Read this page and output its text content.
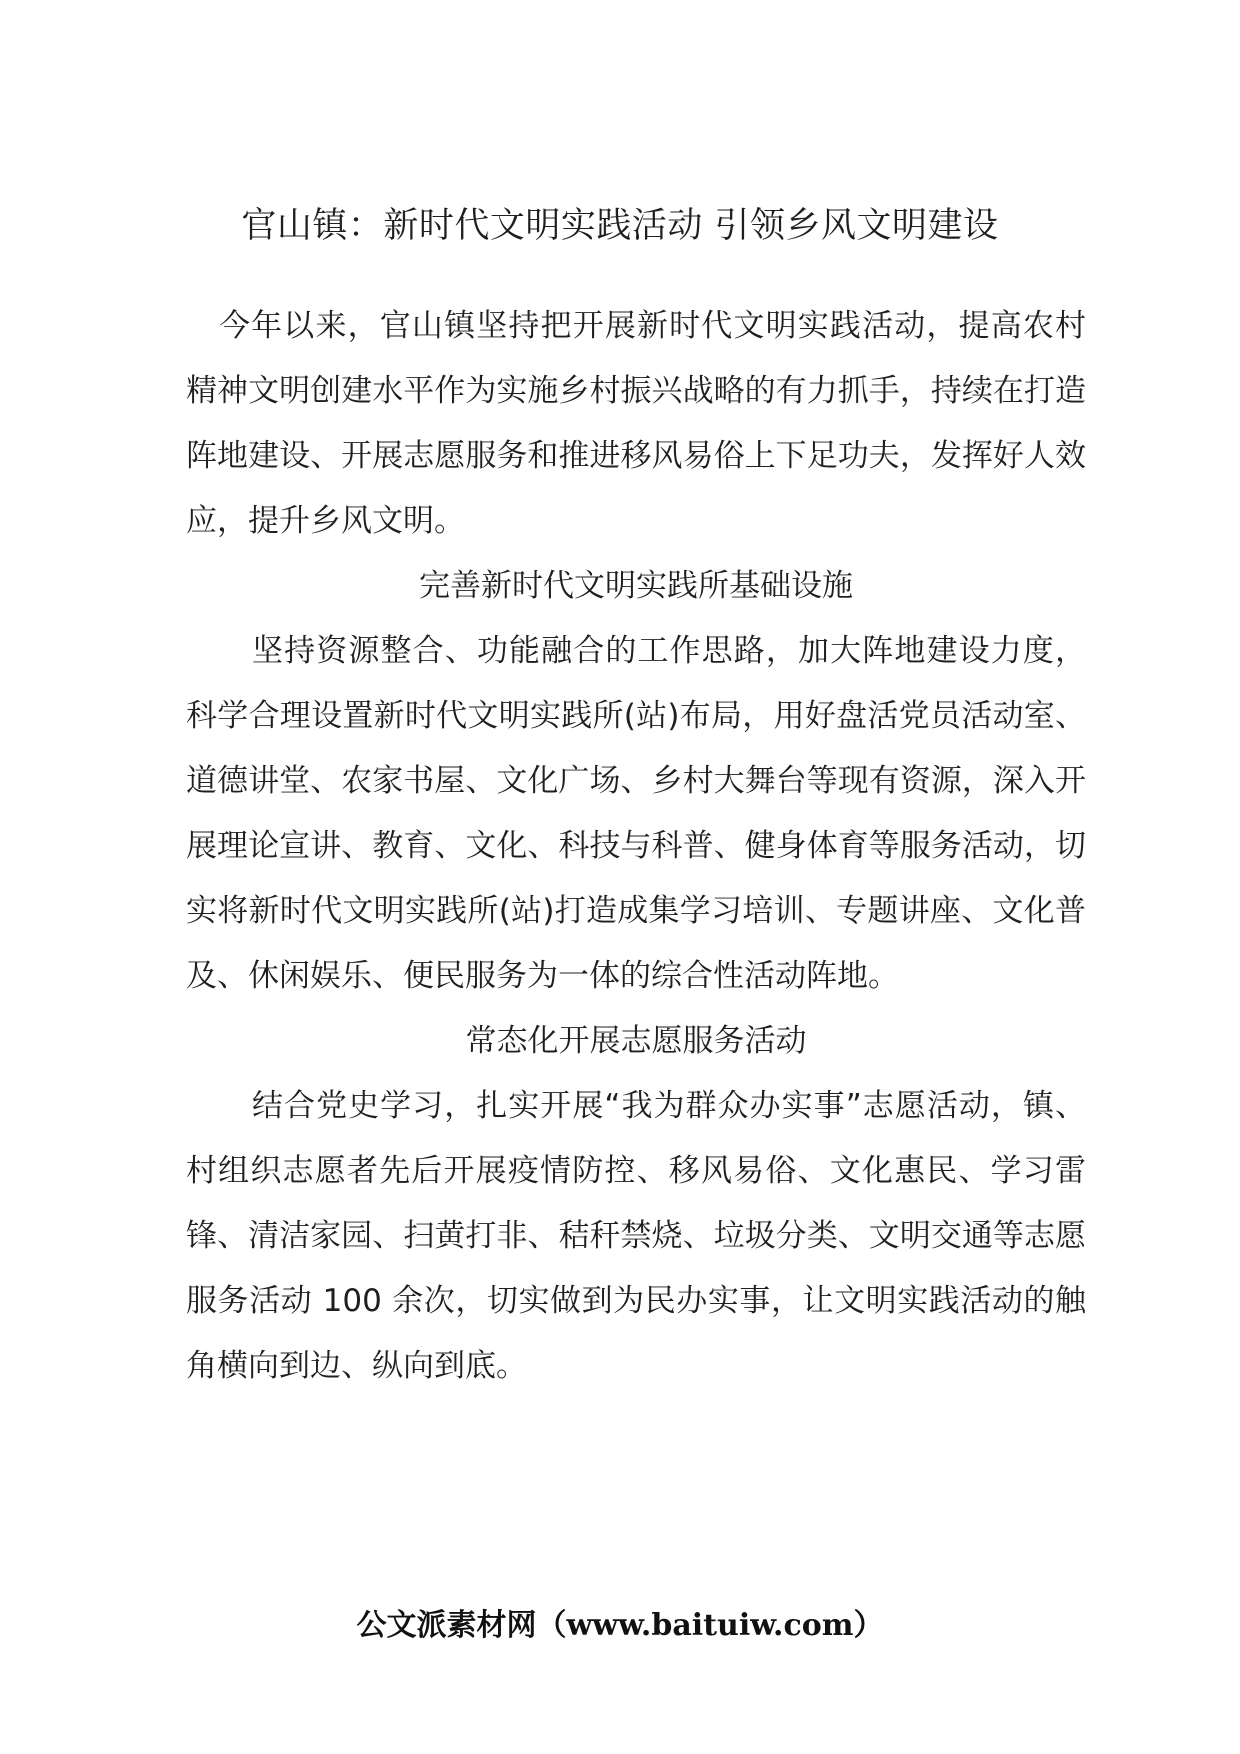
官山镇：新时代文明实践活动 引领乡风文明建设

今年以来，官山镇坚持把开展新时代文明实践活动，提高农村精神文明创建水平作为实施乡村振兴战略的有力抓手，持续在打造阵地建设、开展志愿服务和推进移风易俗上下足功夫，发挥好人效应，提升乡风文明。

完善新时代文明实践所基础设施

坚持资源整合、功能融合的工作思路，加大阵地建设力度，科学合理设置新时代文明实践所(站)布局，用好盘活党员活动室、道德讲堂、农家书屋、文化广场、乡村大舞台等现有资源，深入开展理论宣讲、教育、文化、科技与科普、健身体育等服务活动，切实将新时代文明实践所(站)打造成集学习培训、专题讲座、文化普及、休闲娱乐、便民服务为一体的综合性活动阵地。

常态化开展志愿服务活动

结合党史学习，扎实开展“我为群众办实事”志愿活动，镇、村组织志愿者先后开展疫情防控、移风易俗、文化惠民、学习雷锋、清洁家园、扫黄打非、秸秆禁烧、垃圾分类、文明交通等志愿服务活动 100 余次，切实做到为民办实事，让文明实践活动的触角横向到边、纵向到底。

公文派素材网（www.baituiw.com）
